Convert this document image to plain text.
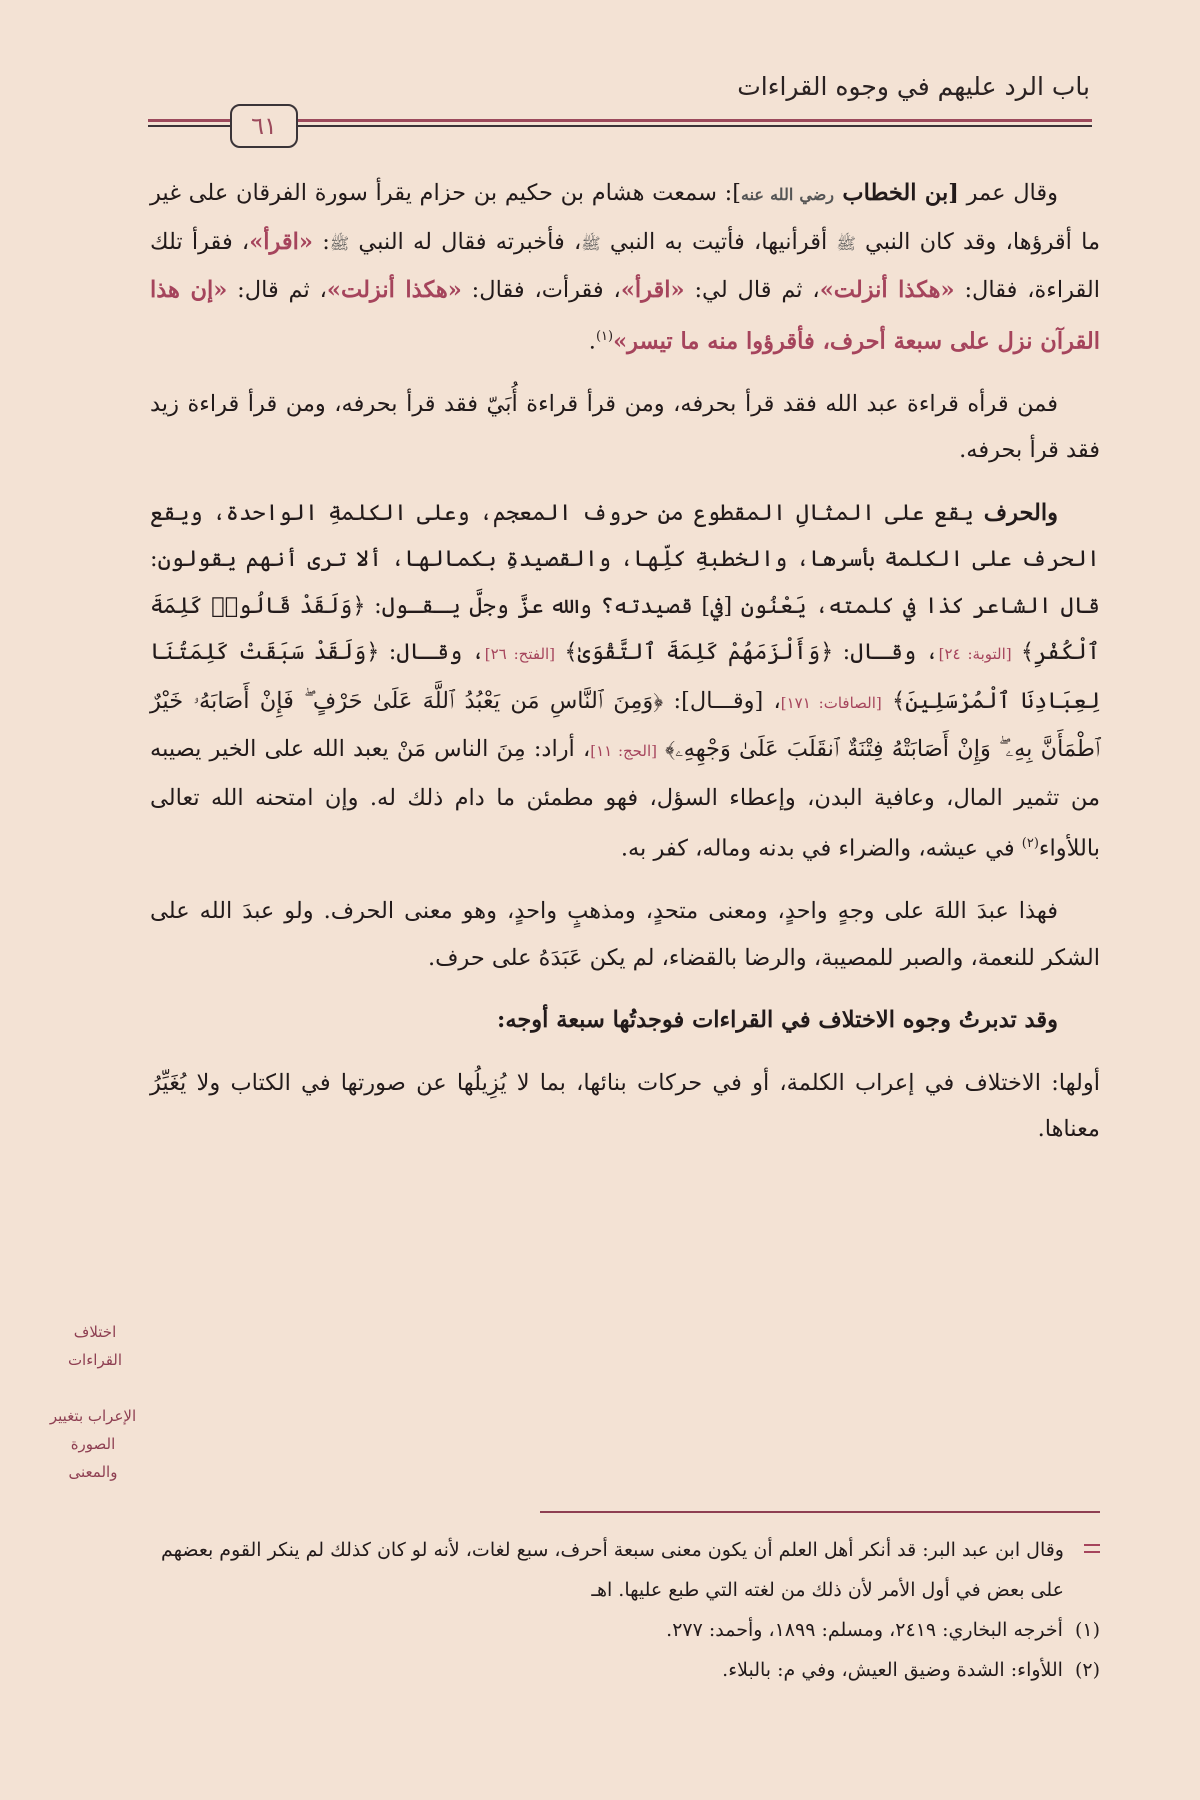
باب الرد عليهم في وجوه القراءات
٦١

وقال عمر [بن الخطاب رضي الله عنه]: سمعت هشام بن حكيم بن حزام يقرأ سورة الفرقان على غير ما أقرؤها، وقد كان النبي ﷺ أقرأنيها، فأتيت به النبي ﷺ، فأخبرته فقال له النبي ﷺ: «اقرأ»، فقرأ تلك القراءة، فقال: «هكذا أنزلت»، ثم قال لي: «اقرأ»، فقرأت، فقال: «هكذا أنزلت»، ثم قال: «إن هذا القرآن نزل على سبعة أحرف، فأقرؤوا منه ما تيسر»$^{(١)}$.

فمن قرأه قراءة عبد الله فقد قرأ بحرفه، ومن قرأ قراءة أُبَيّ فقد قرأ بحرفه، ومن قرأ قراءة زيد فقد قرأ بحرفه.

والحرف يقع على المثالِ المقطوع من حروف المعجم، وعلى الكلمةِ الواحدة، ويقع الحرف على الكلمة بأسرها، والخطبةِ كلِّها، والقصيدةِ بكمالها، ألا ترى أنهم يقولون: قال الشاعر كذا في كلمته، يَعْنُون [في] قصيدته؟ والله عزَّ وجلَّ يـقـول: ﴿وَلَقَدْ قَالُوا۟ كَلِمَةَ ٱلْكُفْرِ﴾ [التوبة: ٢٤]، وقـال: ﴿وَأَلْزَمَهُمْ كَلِمَةَ ٱلتَّقْوَىٰ﴾ [الفتح: ٢٦]، وقـال: ﴿وَلَقَدْ سَبَقَتْ كَلِمَتُنَا لِعِبَادِنَا ٱلْمُرْسَلِينَ﴾ [الصافات: ١٧١]، [وقـــال]: ﴿وَمِنَ ٱلنَّاسِ مَن يَعْبُدُ ٱللَّهَ عَلَىٰ حَرْفٍ ۖ فَإِنْ أَصَابَهُۥ خَيْرٌ ٱطْمَأَنَّ بِهِۦ ۖ وَإِنْ أَصَابَتْهُ فِتْنَةٌ ٱنقَلَبَ عَلَىٰ وَجْهِهِۦ﴾ [الحج: ١١]، أراد: مِنَ الناس مَنْ يعبد الله على الخير يصيبه من تثمير المال، وعافية البدن، وإعطاء السؤل، فهو مطمئن ما دام ذلك له. وإن امتحنه الله تعالى باللأواء$^{(٢)}$ في عيشه، والضراء في بدنه وماله، كفر به.

فهذا عبدَ اللهَ على وجهٍ واحدٍ، ومعنى متحدٍ، ومذهبٍ واحدٍ، وهو معنى الحرف. ولو عبدَ الله على الشكر للنعمة، والصبر للمصيبة، والرضا بالقضاء، لم يكن عَبَدَهُ على حرف.

وقد تدبرتُ وجوه الاختلاف في القراءات فوجدتُها سبعة أوجه:

أولها: الاختلاف في إعراب الكلمة، أو في حركات بنائها، بما لا يُزِيلُها عن صورتها في الكتاب ولا يُغَيِّرُ معناها.

اختلاف
القراءات
الإعراب بتغيير
الصورة
والمعنى

وقال ابن عبد البر: قد أنكر أهل العلم أن يكون معنى سبعة أحرف، سبع لغات، لأنه لو كان كذلك لم ينكر القوم بعضهم على بعض في أول الأمر لأن ذلك من لغته التي طبع عليها. اهـ

(١)أخرجه البخاري: ٢٤١٩، ومسلم: ١٨٩٩، وأحمد: ٢٧٧.

(٢)اللأواء: الشدة وضيق العيش، وفي م: بالبلاء.
